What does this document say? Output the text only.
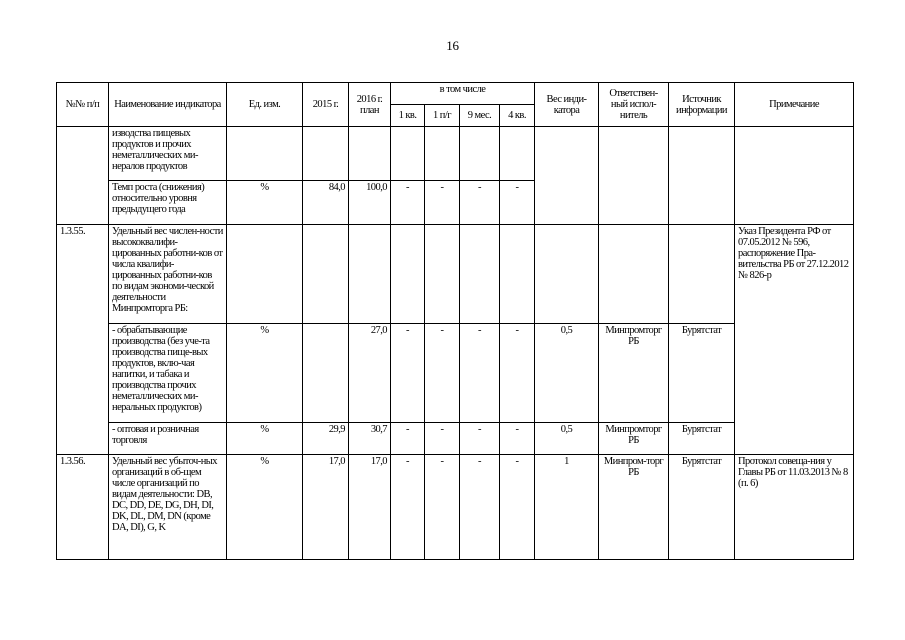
16
№№ п/п	Наименование индикатора	Ед. изм.	2015 г.	2016 г. план	в том числе				Вес инди-катора	Ответствен-ный испол-нитель	Источник информации	Примечание
					1 кв.	1 п/г	9 мес.	4 кв.				
	изводства пищевых продуктов и прочих неметаллических ми-нералов продуктов											
	Темп роста (снижения) относительно уровня предыдущего года	%	84,0	100,0	-	-	-	-				
1.3.55.	Удельный вес числен-ности высококвалифи-цированных работни-ков от числа квалифи-цированных работни-ков по видам экономи-ческой деятельности Минпромторга РБ:											Указ Президента РФ от 07.05.2012 № 596, распоряжение Пра-вительства РБ от 27.12.2012 № 826-р
	- обрабатывающие производства (без уче-та производства пище-вых продуктов, вклю-чая напитки, и табака и производства прочих неметаллических ми-неральных продуктов)	%		27,0	-	-	-	-	0,5	Минпромторг РБ	Бурятстат	
	- оптовая и розничная торговля	%	29,9	30,7	-	-	-	-	0,5	Минпромторг РБ	Бурятстат	
1.3.56.	Удельный вес убыточ-ных организаций в об-щем числе организаций по видам деятельности: DB, DC, DD, DE, DG, DH, DI, DK, DL, DM, DN (кроме DA, DI), G, K	%	17,0	17,0	-	-	-	-	1	Минпром-торг РБ	Бурятстат	Протокол совеща-ния у Главы РБ от 11.03.2013 № 8 (п. 6)
